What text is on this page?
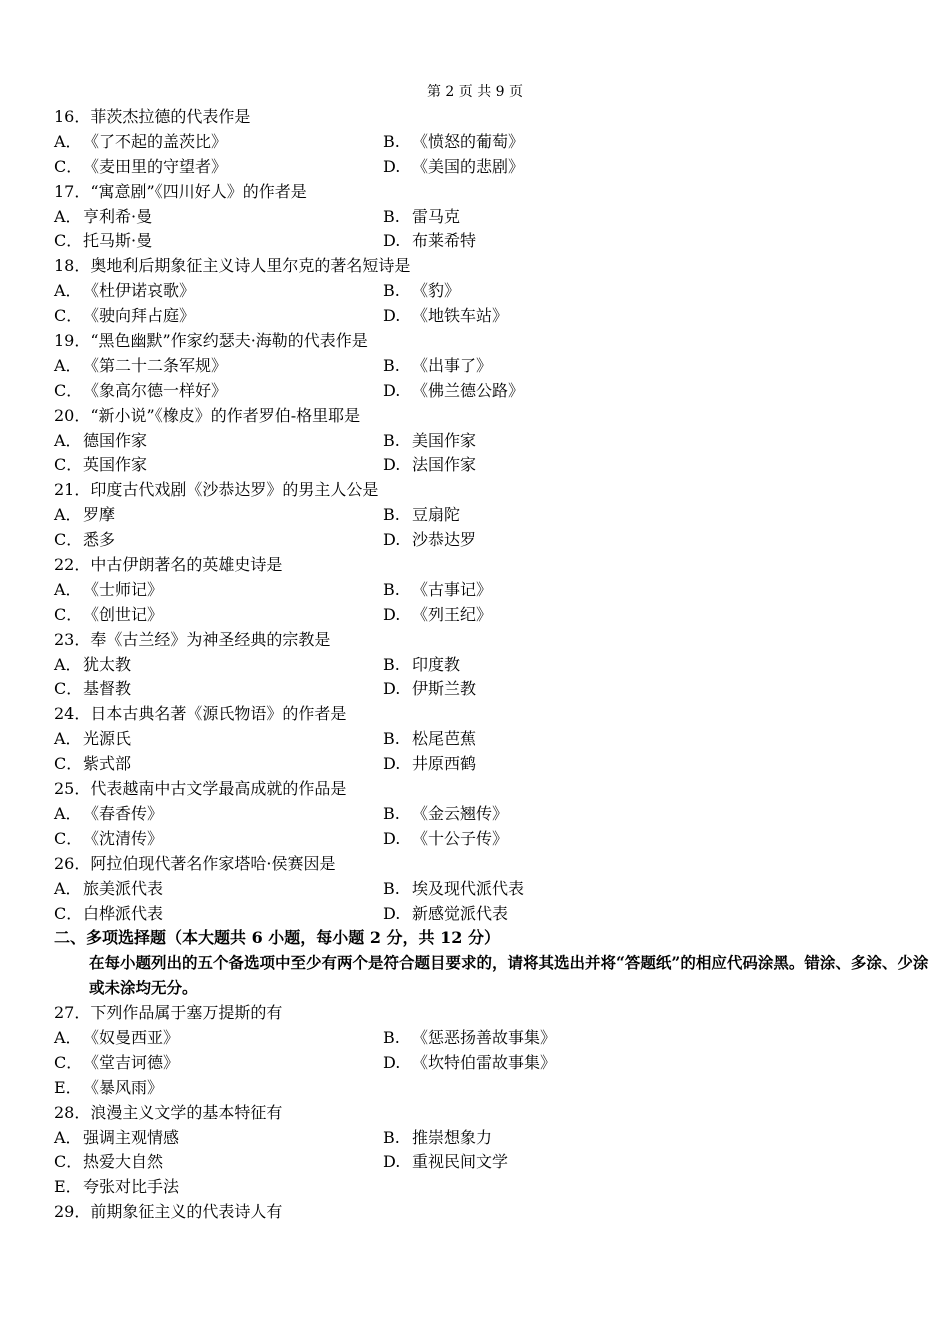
第 2 页 共 9 页
16．菲茨杰拉德的代表作是
A．《了不起的盖茨比》	B. 《愤怒的葡萄》
C．《麦田里的守望者》	D. 《美国的悲剧》
17．“寓意剧”《四川好人》的作者是
A．亨利希·曼	B. 雷马克
C．托马斯·曼	D. 布莱希特
18．奥地利后期象征主义诗人里尔克的著名短诗是
A．《杜伊诺哀歌》	B. 《豹》
C．《驶向拜占庭》	D. 《地铁车站》
19．“黑色幽默”作家约瑟夫·海勒的代表作是
A．《第二十二条军规》	B. 《出事了》
C．《象高尔德一样好》	D. 《佛兰德公路》
20．“新小说”《橡皮》的作者罗伯-格里耶是
A．德国作家	B. 美国作家
C．英国作家	D. 法国作家
21．印度古代戏剧《沙恭达罗》的男主人公是
A．罗摩	B. 豆扇陀
C．悉多	D. 沙恭达罗
22．中古伊朗著名的英雄史诗是
A．《士师记》	B. 《古事记》
C．《创世记》	D. 《列王纪》
23．奉《古兰经》为神圣经典的宗教是
A．犹太教	B. 印度教
C．基督教	D. 伊斯兰教
24．日本古典名著《源氏物语》的作者是
A．光源氏	B. 松尾芭蕉
C．紫式部	D. 井原西鹤
25．代表越南中古文学最高成就的作品是
A．《春香传》	B. 《金云翘传》
C．《沈清传》	D. 《十公子传》
26．阿拉伯现代著名作家塔哈·侯赛因是
A．旅美派代表	B. 埃及现代派代表
C．白桦派代表	D. 新感觉派代表
二、多项选择题（本大题共 6 小题，每小题 2 分，共 12 分）
在每小题列出的五个备选项中至少有两个是符合题目要求的，请将其选出并将“答题纸”的相应代码涂黑。错涂、多涂、少涂或未涂均无分。
27．下列作品属于塞万提斯的有
A．《奴曼西亚》	B. 《惩恶扬善故事集》
C．《堂吉诃德》	D. 《坎特伯雷故事集》
E．《暴风雨》
28．浪漫主义文学的基本特征有
A．强调主观情感	B. 推崇想象力
C．热爱大自然	D. 重视民间文学
E．夸张对比手法
29．前期象征主义的代表诗人有
